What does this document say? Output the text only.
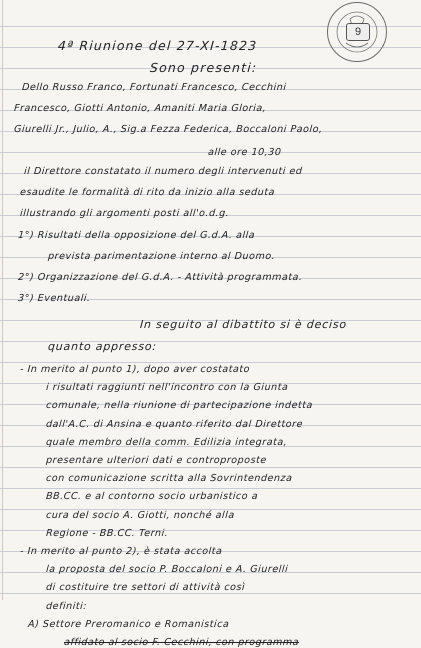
9
4ª Riunione del 27-XI-1823
Sono presenti:
Dello Russo Franco, Fortunati Francesco, Cecchini
Francesco, Giotti Antonio, Amaniti Maria Gloria,
Giurelli Jr., Julio, A., Sig.a Fezza Federica, Boccaloni Paolo,
alle ore 10,30
il Direttore constatato il numero degli intervenuti ed
esaudite le formalità di rito da inizio alla seduta
illustrando gli argomenti posti all'o.d.g.
1°) Risultati della opposizione del G.d.A. alla
prevista parimentazione interno al Duomo.
2°) Organizzazione del G.d.A. - Attività programmata.
3°) Eventuali.
In seguito al dibattito si è deciso
quanto appresso:
- In merito al punto 1), dopo aver costatato
i risultati raggiunti nell'incontro con la Giunta
comunale, nella riunione di partecipazione indetta
dall'A.C. di Ansina e quanto riferito dal Direttore
quale membro della comm. Edilizia integrata,
presentare ulteriori dati e controproposte
con comunicazione scritta alla Sovrintendenza
BB.CC. e al contorno socio urbanistico a
cura del socio A. Giotti, nonché alla
Regione - BB.CC. Terni.
- In merito al punto 2), è stata accolta
la proposta del socio P. Boccaloni e A. Giurelli
di costituire tre settori di attività così
definiti:
A) Settore Preromanico e Romanistica
affidato al socio F. Cecchini, con programma
